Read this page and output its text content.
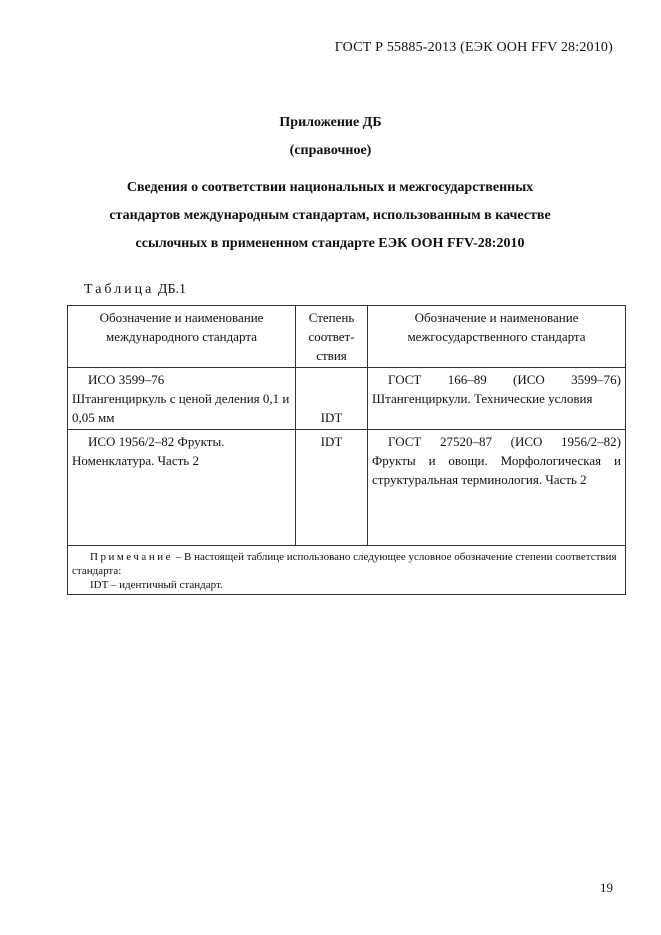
ГОСТ Р 55885-2013 (ЕЭК ООН FFV 28:2010)
Приложение ДБ
(справочное)
Сведения о соответствии национальных и межгосударственных
стандартов международным стандартам, использованным в качестве
ссылочных в примененном стандарте ЕЭК ООН FFV-28:2010
Таблица ДБ.1
Обозначение и наименование международного стандарта	Степень соответ-ствия	Обозначение и наименование межгосударственного стандарта

ИСО 3599–76
Штангенциркуль с ценой деления 0,1 и 0,05 мм	IDT	ГОСТ 166–89 (ИСО 3599–76) Штангенциркули. Технические условия

ИСО 1956/2–82 Фрукты.
Номенклатура. Часть 2	IDT	ГОСТ 27520–87 (ИСО 1956/2–82) Фрукты и овощи. Морфологическая и структуральная терминология. Часть 2

Примечание – В настоящей таблице использовано следующее условное обозначение степени соответствия стандарта:
IDT – идентичный стандарт.		
19
